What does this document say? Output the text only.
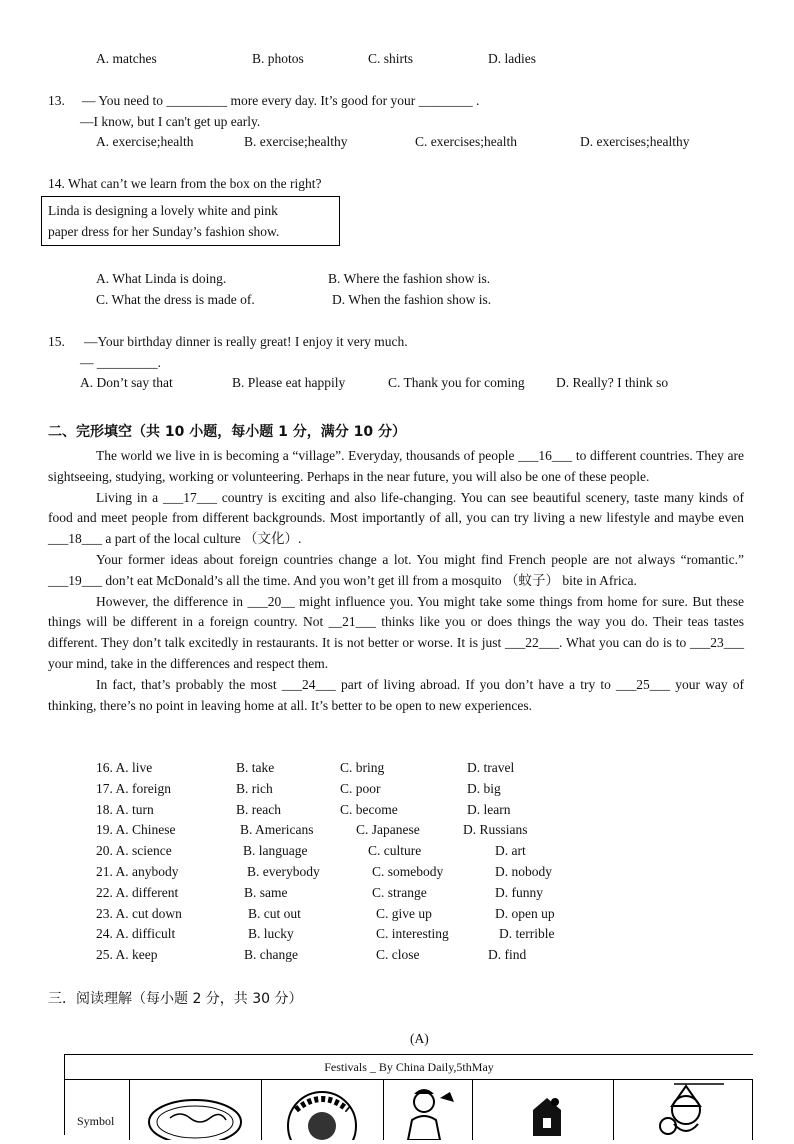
A. matches	B. photos	C. shirts	D. ladies
13. — You need to _________ more every day. It’s good for your ________ .
—I know, but I can't get up early.
A. exercise;health	B. exercise;healthy	C. exercises;health	D. exercises;healthy
14. What can’t we learn from the box on the right?
Linda is designing a lovely white and pink
paper dress for her Sunday’s fashion show.
A. What Linda is doing.	B. Where the fashion show is.
C. What the dress is made of.	D. When the fashion show is.
15. —Your birthday dinner is really great! I enjoy it very much.
— _________.
A. Don’t say that	B. Please eat happily	C. Thank you for coming D. Really? I think so
二、完形填空（共 10 小题，每小题 1 分，满分 10 分）

The world we live in is becoming a “village”. Everyday, thousands of people ___16___ to different countries. They are sightseeing, studying, working or volunteering. Perhaps in the near future, you will also be one of these people.

Living in a ___17___ country is exciting and also life-changing. You can see beautiful scenery, taste many kinds of food and meet people from different backgrounds. Most importantly of all, you can try living a new lifestyle and maybe even ___18___ a part of the local culture （文化）.

Your former ideas about foreign countries change a lot. You might find French people are not always “romantic.” ___19___ don’t eat McDonald’s all the time. And you won’t get ill from a mosquito （蚊子） bite in Africa.

However, the difference in ___20__ might influence you. You might take some things from home for sure. But these things will be different in a foreign country. Not __21___ thinks like you or does things the way you do. Their teas tastes different. They don’t talk excitedly in restaurants. It is not better or worse. It is just ___22___. What you can do is to ___23___ your mind, take in the differences and respect them.

In fact, that’s probably the most ___24___ part of living abroad. If you don’t have a try to ___25___ your way of thinking, there’s no point in leaving home at all. It’s better to be open to new experiences.

16. A. live	B. take	C. bring	D. travel
17. A. foreign	B. rich	C. poor	D. big
18. A. turn	B. reach	C. become	D. learn
19. A. Chinese	B. Americans	C. Japanese	D. Russians
20. A. science	B. language	C. culture	D. art
21. A. anybody	B. everybody	C. somebody	D. nobody
22. A. different	B. same	C. strange	D. funny
23. A. cut down	B. cut out	C. give up	D. open up
24. A. difficult	B. lucky	C. interesting	D. terrible
25. A. keep	B. change	C. close	D. find
三．阅读理解（每小题 2 分，共 30 分）
(A)
Festivals _ By China Daily,5thMay
Symbol
